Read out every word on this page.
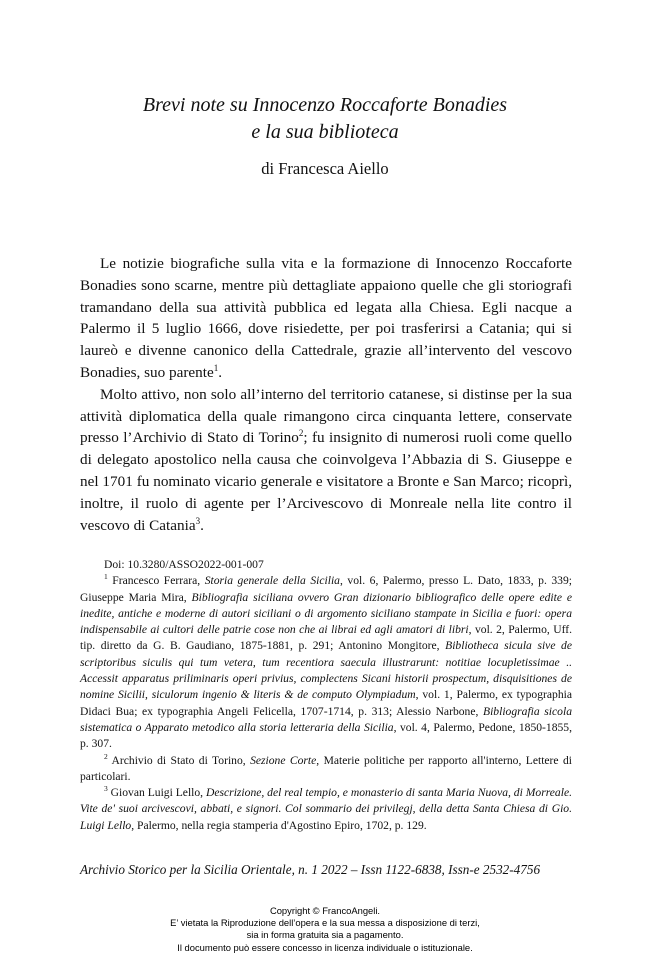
Brevi note su Innocenzo Roccaforte Bonadies
e la sua biblioteca
di Francesca Aiello

Le notizie biografiche sulla vita e la formazione di Innocenzo Roccaforte Bonadies sono scarne, mentre più dettagliate appaiono quelle che gli storiografi tramandano della sua attività pubblica ed legata alla Chiesa. Egli nacque a Palermo il 5 luglio 1666, dove risiedette, per poi trasferirsi a Catania; qui si laureò e divenne canonico della Cattedrale, grazie all’intervento del vescovo Bonadies, suo parente$^1$.

Molto attivo, non solo all’interno del territorio catanese, si distinse per la sua attività diplomatica della quale rimangono circa cinquanta lettere, conservate presso l’Archivio di Stato di Torino$^2$; fu insignito di numerosi ruoli come quello di delegato apostolico nella causa che coinvolgeva l’Abbazia di S. Giuseppe e nel 1701 fu nominato vicario generale e visitatore a Bronte e San Marco; ricoprì, inoltre, il ruolo di agente per l’Arcivescovo di Monreale nella lite contro il vescovo di Catania$^3$.

Doi: 10.3280/ASSO2022-001-007
$^1$ Francesco Ferrara, Storia generale della Sicilia, vol. 6, Palermo, presso L. Dato, 1833, p. 339; Giuseppe Maria Mira, Bibliografia siciliana ovvero Gran dizionario bibliografico delle opere edite e inedite, antiche e moderne di autori siciliani o di argomento siciliano stampate in Sicilia e fuori: opera indispensabile ai cultori delle patrie cose non che ai librai ed agli amatori di libri, vol. 2, Palermo, Uff. tip. diretto da G. B. Gaudiano, 1875-1881, p. 291; Antonino Mongitore, Bibliotheca sicula sive de scriptoribus siculis qui tum vetera, tum recentiora saecula illustrarunt: notitiae locupletissimae .. Accessit apparatus priliminaris operi privius, complectens Sicani historii prospectum, disquisitiones de nomine Sicilii, siculorum ingenio & literis & de computo Olympiadum, vol. 1, Palermo, ex typographia Didaci Bua; ex typographia Angeli Felicella, 1707-1714, p. 313; Alessio Narbone, Bibliografia sicola sistematica o Apparato metodico alla storia letteraria della Sicilia, vol. 4, Palermo, Pedone, 1850-1855, p. 307.
$^2$ Archivio di Stato di Torino, Sezione Corte, Materie politiche per rapporto all'interno, Lettere di particolari.
$^3$ Giovan Luigi Lello, Descrizione, del real tempio, e monasterio di santa Maria Nuova, di Morreale. Vite de' suoi arcivescovi, abbati, e signori. Col sommario dei privilegj, della detta Santa Chiesa di Gio. Luigi Lello, Palermo, nella regia stamperia d'Agostino Epiro, 1702, p. 129.
Archivio Storico per la Sicilia Orientale, n. 1 2022 – Issn 1122-6838, Issn-e 2532-4756
Copyright © FrancoAngeli.
E’ vietata la Riproduzione dell’opera e la sua messa a disposizione di terzi,
sia in forma gratuita sia a pagamento.
Il documento può essere concesso in licenza individuale o istituzionale.
